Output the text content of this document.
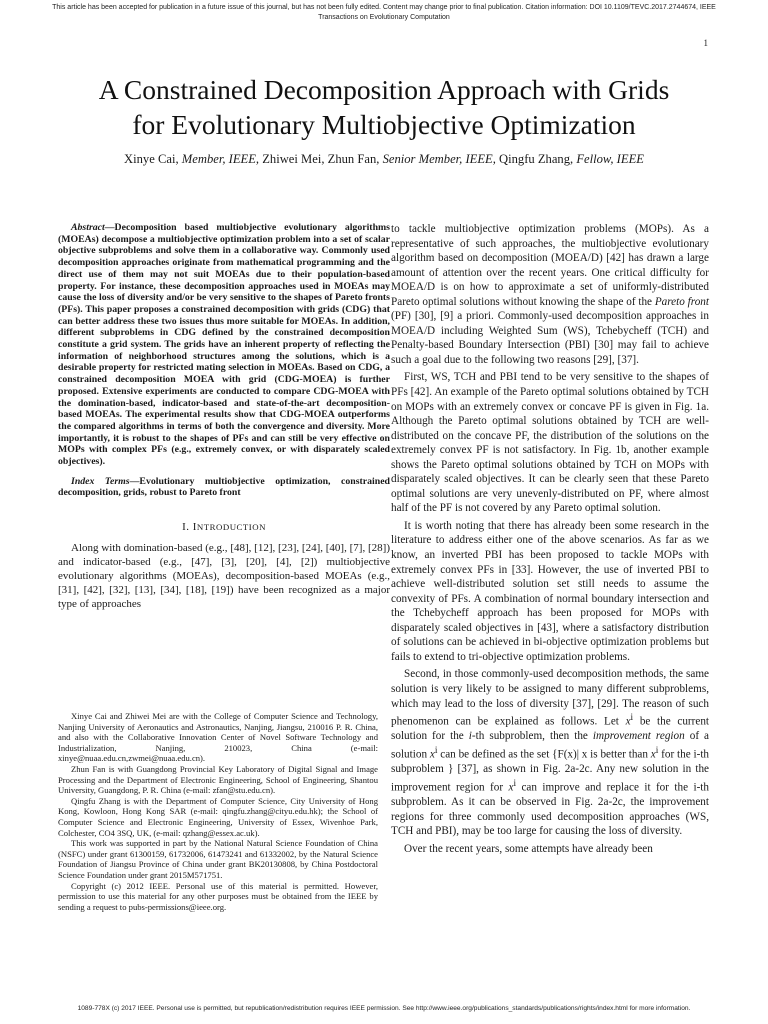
This article has been accepted for publication in a future issue of this journal, but has not been fully edited. Content may change prior to final publication. Citation information: DOI 10.1109/TEVC.2017.2744674, IEEE
Transactions on Evolutionary Computation
1
A Constrained Decomposition Approach with Grids
for Evolutionary Multiobjective Optimization
Xinye Cai, Member, IEEE, Zhiwei Mei, Zhun Fan, Senior Member, IEEE, Qingfu Zhang, Fellow, IEEE

Abstract—Decomposition based multiobjective evolutionary algorithms (MOEAs) decompose a multiobjective optimization problem into a set of scalar objective subproblems and solve them in a collaborative way. Commonly used decomposition approaches originate from mathematical programming and the direct use of them may not suit MOEAs due to their population-based property. For instance, these decomposition approaches used in MOEAs may cause the loss of diversity and/or be very sensitive to the shapes of Pareto fronts (PFs). This paper proposes a constrained decomposition with grids (CDG) that can better address these two issues thus more suitable for MOEAs. In addition, different subproblems in CDG defined by the constrained decomposition constitute a grid system. The grids have an inherent property of reflecting the information of neighborhood structures among the solutions, which is a desirable property for restricted mating selection in MOEAs. Based on CDG, a constrained decomposition MOEA with grid (CDG-MOEA) is further proposed. Extensive experiments are conducted to compare CDG-MOEA with the domination-based, indicator-based and state-of-the-art decomposition-based MOEAs. The experimental results show that CDG-MOEA outperforms the compared algorithms in terms of both the convergence and diversity. More importantly, it is robust to the shapes of PFs and can still be very effective on MOPs with complex PFs (e.g., extremely convex, or with disparately scaled objectives).

Index Terms—Evolutionary multiobjective optimization, constrained decomposition, grids, robust to Pareto front

I. INTRODUCTION

Along with domination-based (e.g., [48], [12], [23], [24], [40], [7], [28]) and indicator-based (e.g., [47], [3], [20], [4], [2]) multiobjective evolutionary algorithms (MOEAs), decomposition-based MOEAs (e.g., [31], [42], [32], [13], [34], [18], [19]) have been recognized as a major type of approaches

Xinye Cai and Zhiwei Mei are with the College of Computer Science and Technology, Nanjing University of Aeronautics and Astronautics, Nanjing, Jiangsu, 210016 P. R. China, and also with the Collaborative Innovation Center of Novel Software Technology and Industrialization, Nanjing, 210023, China (e-mail: xinye@nuaa.edu.cn,zwmei@nuaa.edu.cn).

Zhun Fan is with Guangdong Provincial Key Laboratory of Digital Signal and Image Processing and the Department of Electronic Engineering, School of Engineering, Shantou University, Guangdong, P. R. China (e-mail: zfan@stu.edu.cn).

Qingfu Zhang is with the Department of Computer Science, City University of Hong Kong, Kowloon, Hong Kong SAR (e-mail: qingfu.zhang@cityu.edu.hk); the School of Computer Science and Electronic Engineering, University of Essex, Wivenhoe Park, Colchester, CO4 3SQ, UK, (e-mail: qzhang@essex.ac.uk).

This work was supported in part by the National Natural Science Foundation of China (NSFC) under grant 61300159, 61732006, 61473241 and 61332002, by the Natural Science Foundation of Jiangsu Province of China under grant BK20130808, by China Postdoctoral Science Foundation under grant 2015M571751.

Copyright (c) 2012 IEEE. Personal use of this material is permitted. However, permission to use this material for any other purposes must be obtained from the IEEE by sending a request to pubs-permissions@ieee.org.

to tackle multiobjective optimization problems (MOPs). As a representative of such approaches, the multiobjective evolutionary algorithm based on decomposition (MOEA/D) [42] has drawn a large amount of attention over the recent years. One critical difficulty for MOEA/D is on how to approximate a set of uniformly-distributed Pareto optimal solutions without knowing the shape of the Pareto front (PF) [30], [9] a priori. Commonly-used decomposition approaches in MOEA/D including Weighted Sum (WS), Tchebycheff (TCH) and Penalty-based Boundary Intersection (PBI) [30] may fail to achieve such a goal due to the following two reasons [29], [37].

First, WS, TCH and PBI tend to be very sensitive to the shapes of PFs [42]. An example of the Pareto optimal solutions obtained by TCH on MOPs with an extremely convex or concave PF is given in Fig. 1a. Although the Pareto optimal solutions obtained by TCH are well-distributed on the concave PF, the distribution of the solutions on the extremely convex PF is not satisfactory. In Fig. 1b, another example shows the Pareto optimal solutions obtained by TCH on MOPs with disparately scaled objectives. It can be clearly seen that these Pareto optimal solutions are very unevenly-distributed on PF, where almost half of the PF is not covered by any Pareto optimal solution.

It is worth noting that there has already been some research in the literature to address either one of the above scenarios. As far as we know, an inverted PBI has been proposed to tackle MOPs with extremely convex PFs in [33]. However, the use of inverted PBI to achieve well-distributed solution set still needs to assume the convexity of PFs. A combination of normal boundary intersection and the Tchebycheff approach has been proposed for MOPs with disparately scaled objectives in [43], where a satisfactory distribution of solutions can be achieved in bi-objective optimization problems but fails to extend to tri-objective optimization problems.

Second, in those commonly-used decomposition methods, the same solution is very likely to be assigned to many different subproblems, which may lead to the loss of diversity [37], [29]. The reason of such phenomenon can be explained as follows. Let $x^i$ be the current solution for the i-th subproblem, then the improvement region of a solution $x^i$ can be defined as the set {F(x)| x is better than $x^i$ for the i-th subproblem } [37], as shown in Fig. 2a-2c. Any new solution in the improvement region for $x^i$ can improve and replace it for the i-th subproblem. As it can be observed in Fig. 2a-2c, the improvement regions for three commonly used decomposition approaches (WS, TCH and PBI), may be too large for causing the loss of diversity.

Over the recent years, some attempts have already been

1089-778X (c) 2017 IEEE. Personal use is permitted, but republication/redistribution requires IEEE permission. See http://www.ieee.org/publications_standards/publications/rights/index.html for more information.
